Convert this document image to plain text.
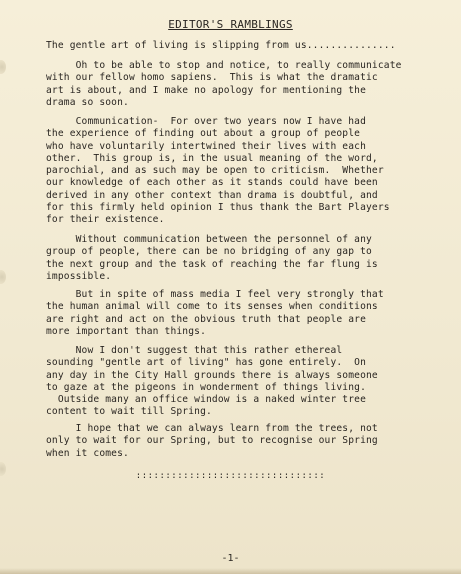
EDITOR'S RAMBLINGS
The gentle art of living is slipping from us...............
Oh to be able to stop and notice, to really communicate
with our fellow homo sapiens.  This is what the dramatic
art is about, and I make no apology for mentioning the
drama so soon.
Communication-  For over two years now I have had
the experience of finding out about a group of people
who have voluntarily intertwined their lives with each
other.  This group is, in the usual meaning of the word,
parochial, and as such may be open to criticism.  Whether
our knowledge of each other as it stands could have been
derived in any other context than drama is doubtful, and
for this firmly held opinion I thus thank the Bart Players
for their existence.
Without communication between the personnel of any
group of people, there can be no bridging of any gap to
the next group and the task of reaching the far flung is
impossible.
But in spite of mass media I feel very strongly that
the human animal will come to its senses when conditions
are right and act on the obvious truth that people are
more important than things.
Now I don't suggest that this rather ethereal
sounding "gentle art of living" has gone entirely.  On
any day in the City Hall grounds there is always someone
to gaze at the pigeons in wonderment of things living.
Outside many an office window is a naked winter tree
content to wait till Spring.
I hope that we can always learn from the trees, not
only to wait for our Spring, but to recognise our Spring
when it comes.
::::::::::::::::::::::::::::::::
-1-
